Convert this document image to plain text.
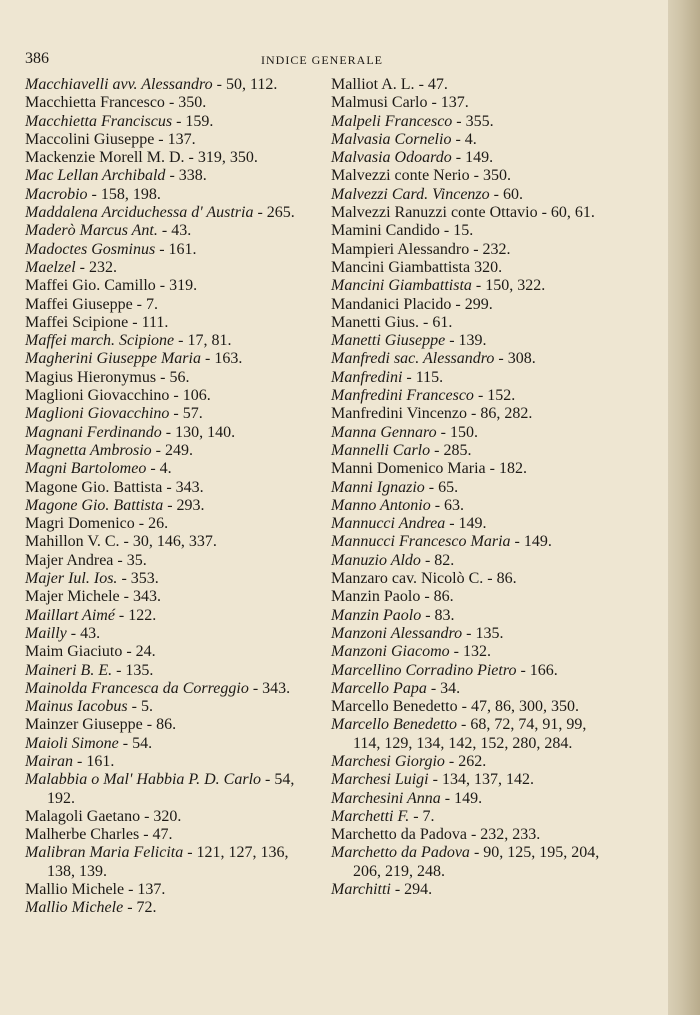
386	INDICE GENERALE
Macchiavelli avv. Alessandro - 50, 112.
Macchietta Francesco - 350.
Macchietta Franciscus - 159.
Maccolini Giuseppe - 137.
Mackenzie Morell M. D. - 319, 350.
Mac Lellan Archibald - 338.
Macrobio - 158, 198.
Maddalena Arciduchessa d' Austria - 265.
Maderò Marcus Ant. - 43.
Madoctes Gosminus - 161.
Maelzel - 232.
Maffei Gio. Camillo - 319.
Maffei Giuseppe - 7.
Maffei Scipione - 111.
Maffei march. Scipione - 17, 81.
Magherini Giuseppe Maria - 163.
Magius Hieronymus - 56.
Maglioni Giovacchino - 106.
Maglioni Giovacchino - 57.
Magnani Ferdinando - 130, 140.
Magnetta Ambrosio - 249.
Magni Bartolomeo - 4.
Magone Gio. Battista - 343.
Magone Gio. Battista - 293.
Magri Domenico - 26.
Mahillon V. C. - 30, 146, 337.
Majer Andrea - 35.
Majer Iul. Ios. - 353.
Majer Michele - 343.
Maillart Aimé - 122.
Mailly - 43.
Maim Giaciuto - 24.
Maineri B. E. - 135.
Mainolda Francesca da Correggio - 343.
Mainus Iacobus - 5.
Mainzer Giuseppe - 86.
Maioli Simone - 54.
Mairan - 161.
Malabbia o Mal' Habbia P. D. Carlo - 54, 192.
Malagoli Gaetano - 320.
Malherbe Charles - 47.
Malibran Maria Felicita - 121, 127, 136, 138, 139.
Mallio Michele - 137.
Mallio Michele - 72.
Malliot A. L. - 47.
Malmusi Carlo - 137.
Malpeli Francesco - 355.
Malvasia Cornelio - 4.
Malvasia Odoardo - 149.
Malvezzi conte Nerio - 350.
Malvezzi Card. Vincenzo - 60.
Malvezzi Ranuzzi conte Ottavio - 60, 61.
Mamini Candido - 15.
Mampieri Alessandro - 232.
Mancini Giambattista 320.
Mancini Giambattista - 150, 322.
Mandanici Placido - 299.
Manetti Gius. - 61.
Manetti Giuseppe - 139.
Manfredi sac. Alessandro - 308.
Manfredini - 115.
Manfredini Francesco - 152.
Manfredini Vincenzo - 86, 282.
Manna Gennaro - 150.
Mannelli Carlo - 285.
Manni Domenico Maria - 182.
Manni Ignazio - 65.
Manno Antonio - 63.
Mannucci Andrea - 149.
Mannucci Francesco Maria - 149.
Manuzio Aldo - 82.
Manzaro cav. Nicolò C. - 86.
Manzin Paolo - 86.
Manzin Paolo - 83.
Manzoni Alessandro - 135.
Manzoni Giacomo - 132.
Marcellino Corradino Pietro - 166.
Marcello Papa - 34.
Marcello Benedetto - 47, 86, 300, 350.
Marcello Benedetto - 68, 72, 74, 91, 99, 114, 129, 134, 142, 152, 280, 284.
Marchesi Giorgio - 262.
Marchesi Luigi - 134, 137, 142.
Marchesini Anna - 149.
Marchetti F. - 7.
Marchetto da Padova - 232, 233.
Marchetto da Padova - 90, 125, 195, 204, 206, 219, 248.
Marchitti - 294.
